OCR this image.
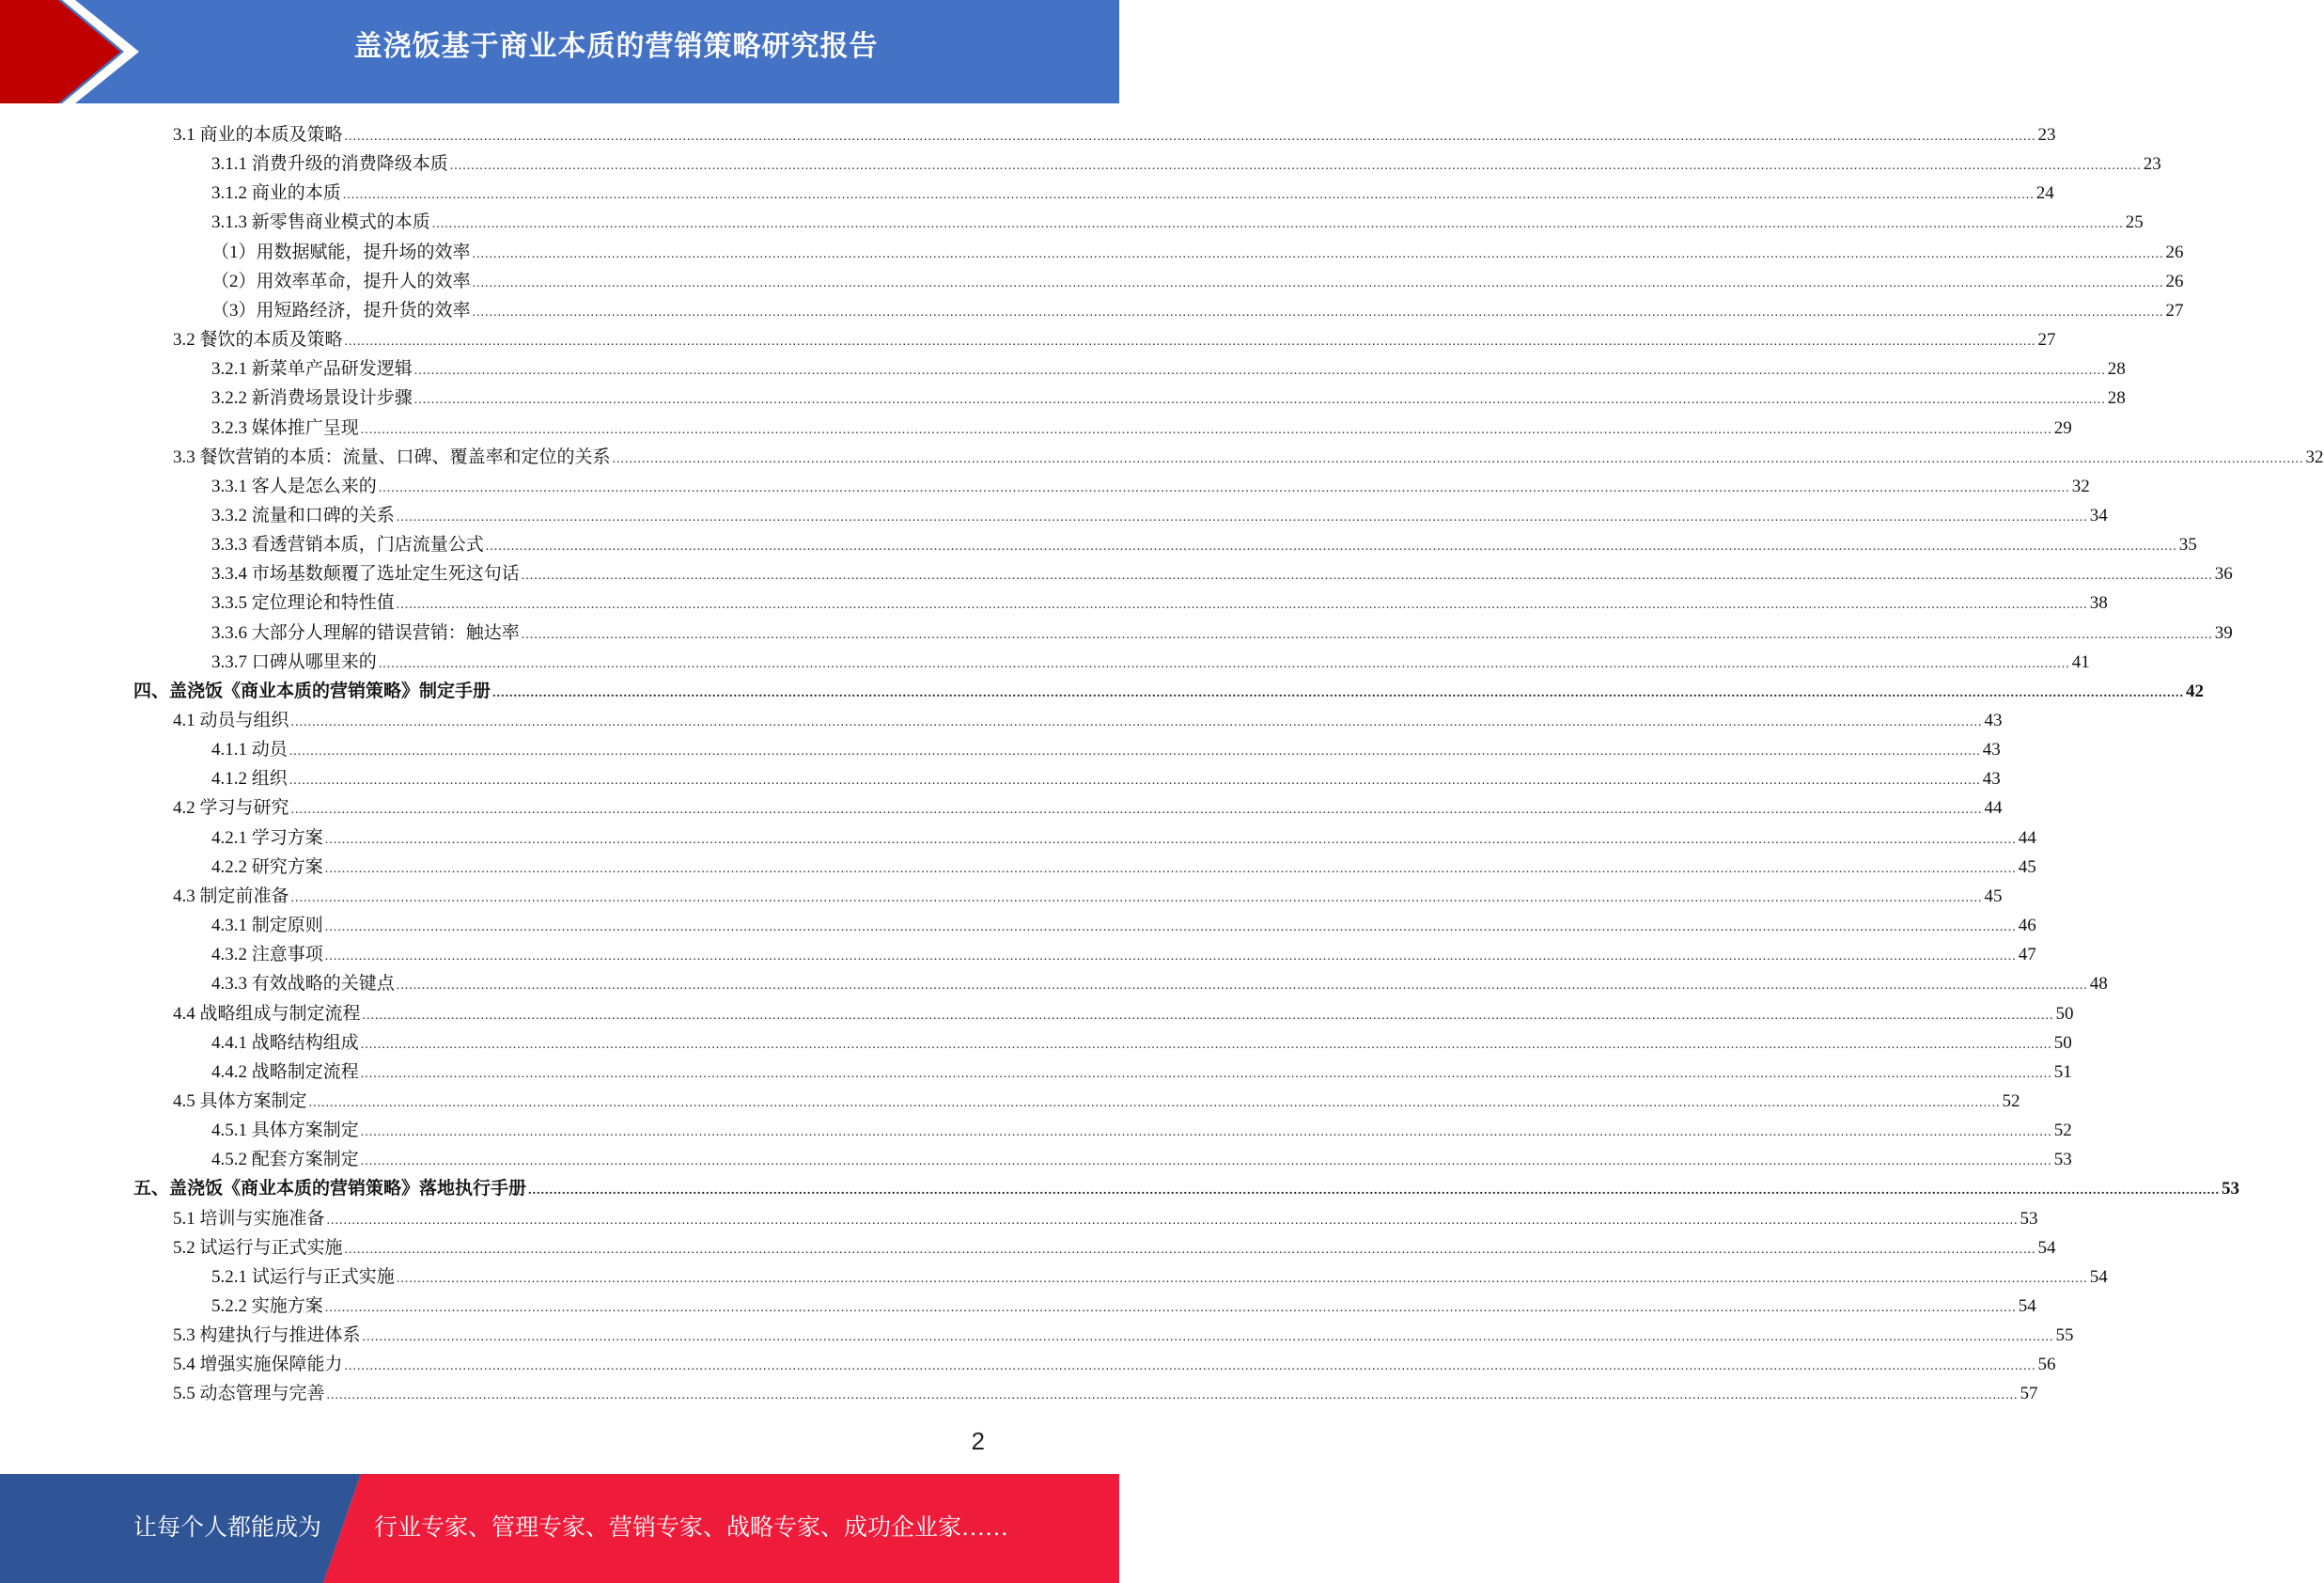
盖浇饭基于商业本质的营销策略研究报告
3.1 商业的本质及策略 ................................................................................................................................................................................................................................................................................................................................................................................................................ 23
3.1.1 消费升级的消费降级本质 ................................................................................................................................................................................................................................................................................................................................................................................................................ 23
3.1.2 商业的本质 ................................................................................................................................................................................................................................................................................................................................................................................................................ 24
3.1.3 新零售商业模式的本质 ................................................................................................................................................................................................................................................................................................................................................................................................................ 25
（1）用数据赋能，提升场的效率 ................................................................................................................................................................................................................................................................................................................................................................................................................ 26
（2）用效率革命，提升人的效率 ................................................................................................................................................................................................................................................................................................................................................................................................................ 26
（3）用短路经济，提升货的效率 ................................................................................................................................................................................................................................................................................................................................................................................................................ 27
3.2 餐饮的本质及策略 ................................................................................................................................................................................................................................................................................................................................................................................................................ 27
3.2.1 新菜单产品研发逻辑 ................................................................................................................................................................................................................................................................................................................................................................................................................ 28
3.2.2 新消费场景设计步骤 ................................................................................................................................................................................................................................................................................................................................................................................................................ 28
3.2.3 媒体推广呈现 ................................................................................................................................................................................................................................................................................................................................................................................................................ 29
3.3 餐饮营销的本质：流量、口碑、覆盖率和定位的关系 ................................................................................................................................................................................................................................................................................................................................................................................................................ 32
3.3.1 客人是怎么来的 ................................................................................................................................................................................................................................................................................................................................................................................................................ 32
3.3.2 流量和口碑的关系 ................................................................................................................................................................................................................................................................................................................................................................................................................ 34
3.3.3 看透营销本质，门店流量公式 ................................................................................................................................................................................................................................................................................................................................................................................................................ 35
3.3.4 市场基数颠覆了选址定生死这句话 ................................................................................................................................................................................................................................................................................................................................................................................................................ 36
3.3.5 定位理论和特性值 ................................................................................................................................................................................................................................................................................................................................................................................................................ 38
3.3.6 大部分人理解的错误营销：触达率 ................................................................................................................................................................................................................................................................................................................................................................................................................ 39
3.3.7 口碑从哪里来的 ................................................................................................................................................................................................................................................................................................................................................................................................................ 41
四、盖浇饭《商业本质的营销策略》制定手册 ................................................................................................................................................................................................................................................................................................................................................................................................................ 42
4.1 动员与组织 ................................................................................................................................................................................................................................................................................................................................................................................................................ 43
4.1.1 动员 ................................................................................................................................................................................................................................................................................................................................................................................................................ 43
4.1.2 组织 ................................................................................................................................................................................................................................................................................................................................................................................................................ 43
4.2 学习与研究 ................................................................................................................................................................................................................................................................................................................................................................................................................ 44
4.2.1 学习方案 ................................................................................................................................................................................................................................................................................................................................................................................................................ 44
4.2.2 研究方案 ................................................................................................................................................................................................................................................................................................................................................................................................................ 45
4.3 制定前准备 ................................................................................................................................................................................................................................................................................................................................................................................................................ 45
4.3.1 制定原则 ................................................................................................................................................................................................................................................................................................................................................................................................................ 46
4.3.2 注意事项 ................................................................................................................................................................................................................................................................................................................................................................................................................ 47
4.3.3 有效战略的关键点 ................................................................................................................................................................................................................................................................................................................................................................................................................ 48
4.4 战略组成与制定流程 ................................................................................................................................................................................................................................................................................................................................................................................................................ 50
4.4.1 战略结构组成 ................................................................................................................................................................................................................................................................................................................................................................................................................ 50
4.4.2 战略制定流程 ................................................................................................................................................................................................................................................................................................................................................................................................................ 51
4.5 具体方案制定 ................................................................................................................................................................................................................................................................................................................................................................................................................ 52
4.5.1 具体方案制定 ................................................................................................................................................................................................................................................................................................................................................................................................................ 52
4.5.2 配套方案制定 ................................................................................................................................................................................................................................................................................................................................................................................................................ 53
五、盖浇饭《商业本质的营销策略》落地执行手册 ................................................................................................................................................................................................................................................................................................................................................................................................................ 53
5.1 培训与实施准备 ................................................................................................................................................................................................................................................................................................................................................................................................................ 53
5.2 试运行与正式实施 ................................................................................................................................................................................................................................................................................................................................................................................................................ 54
5.2.1 试运行与正式实施 ................................................................................................................................................................................................................................................................................................................................................................................................................ 54
5.2.2 实施方案 ................................................................................................................................................................................................................................................................................................................................................................................................................ 54
5.3 构建执行与推进体系 ................................................................................................................................................................................................................................................................................................................................................................................................................ 55
5.4 增强实施保障能力 ................................................................................................................................................................................................................................................................................................................................................................................................................ 56
5.5 动态管理与完善 ................................................................................................................................................................................................................................................................................................................................................................................................................ 57
2
让每个人都能成为 行业专家、管理专家、营销专家、战略专家、成功企业家……
